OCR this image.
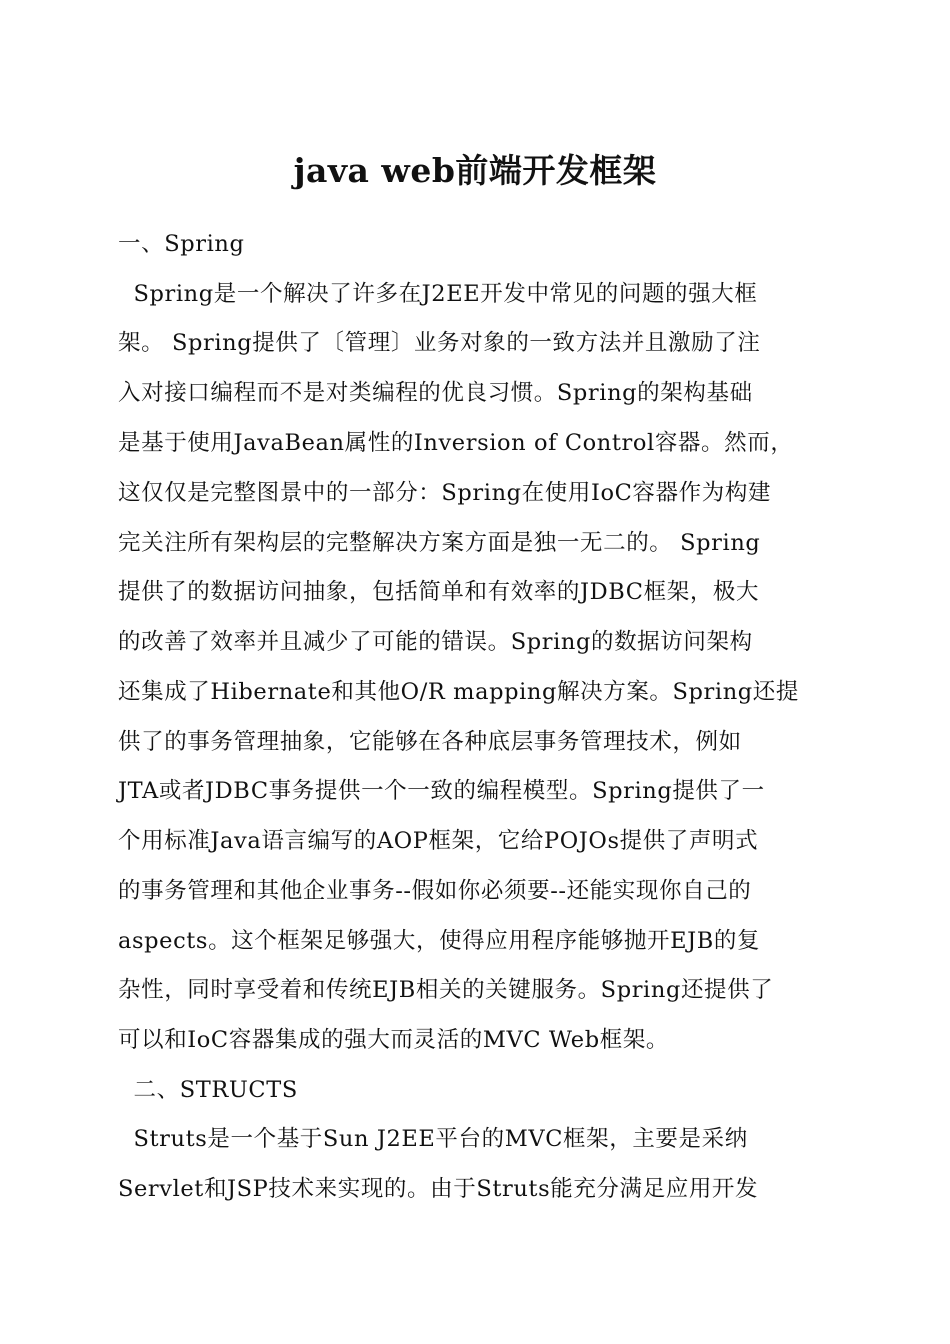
java web前端开发框架
一、Spring
Spring是一个解决了许多在J2EE开发中常见的问题的强大框
架。 Spring提供了〔管理〕业务对象的一致方法并且激励了注
入对接口编程而不是对类编程的优良习惯。Spring的架构基础
是基于使用JavaBean属性的Inversion of Control容器。然而，
这仅仅是完整图景中的一部分：Spring在使用IoC容器作为构建
完关注所有架构层的完整解决方案方面是独一无二的。 Spring
提供了的数据访问抽象，包括简单和有效率的JDBC框架，极大
的改善了效率并且减少了可能的错误。Spring的数据访问架构
还集成了Hibernate和其他O/R mapping解决方案。Spring还提
供了的事务管理抽象，它能够在各种底层事务管理技术，例如
JTA或者JDBC事务提供一个一致的编程模型。Spring提供了一
个用标准Java语言编写的AOP框架，它给POJOs提供了声明式
的事务管理和其他企业事务--假如你必须要--还能实现你自己的
aspects。这个框架足够强大，使得应用程序能够抛开EJB的复
杂性，同时享受着和传统EJB相关的关键服务。Spring还提供了
可以和IoC容器集成的强大而灵活的MVC Web框架。
二、STRUCTS
Struts是一个基于Sun J2EE平台的MVC框架，主要是采纳
Servlet和JSP技术来实现的。由于Struts能充分满足应用开发
